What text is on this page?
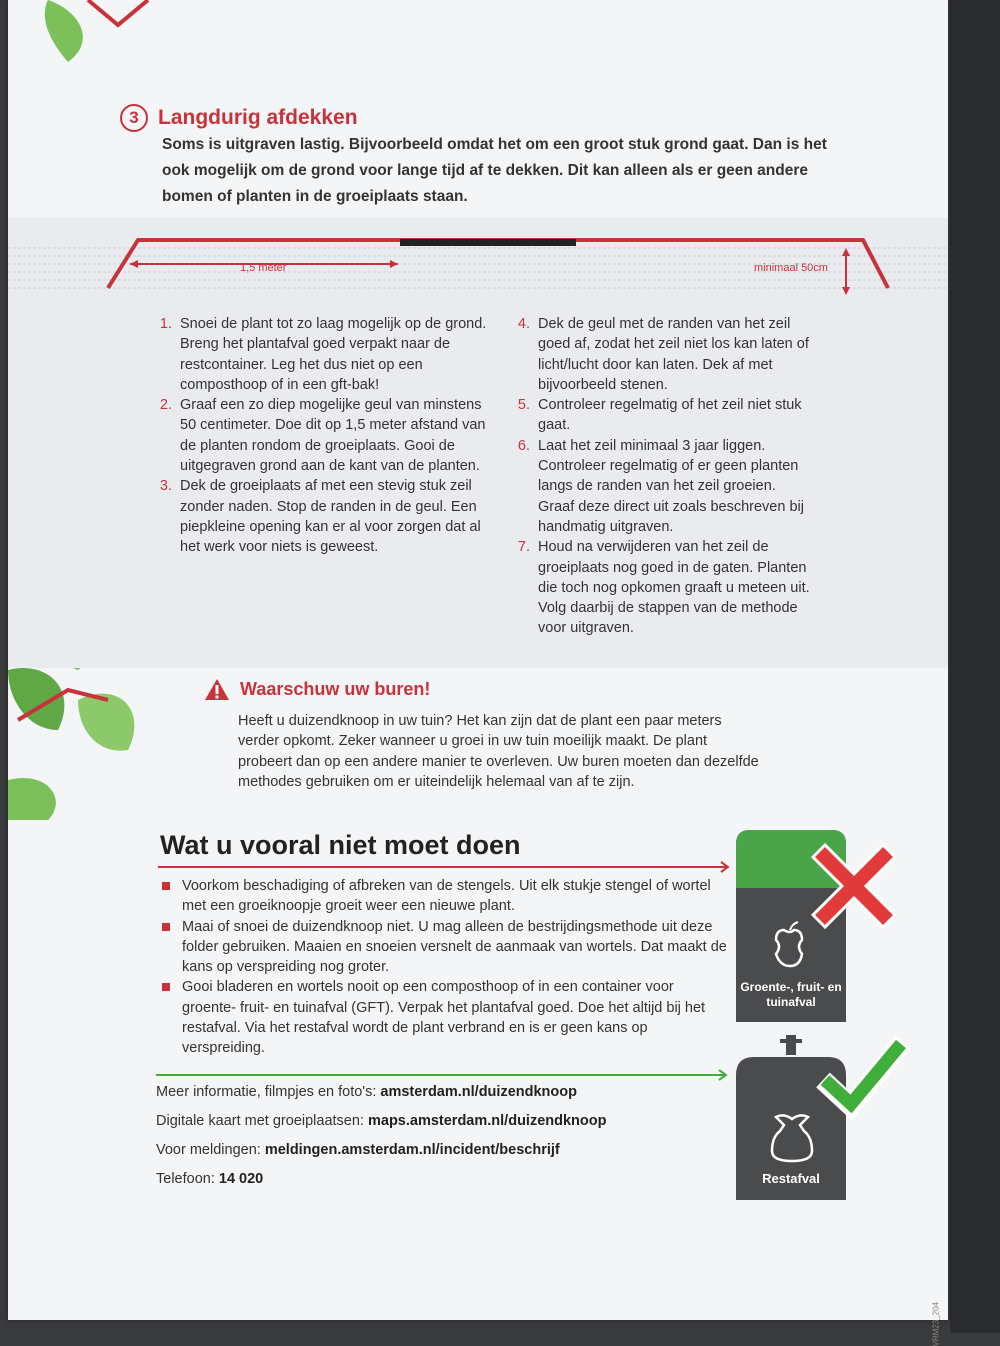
3 Langdurig afdekken
Soms is uitgraven lastig. Bijvoorbeeld omdat het om een groot stuk grond gaat. Dan is het ook mogelijk om de grond voor lange tijd af te dekken. Dit kan alleen als er geen andere bomen of planten in de groeiplaats staan.
1,5 meter	minimaal 50cm
1. Snoei de plant tot zo laag mogelijk op de grond. Breng het plantafval goed verpakt naar de restcontainer. Leg het dus niet op een composthoop of in een gft-bak!
2. Graaf een zo diep mogelijke geul van minstens 50 centimeter. Doe dit op 1,5 meter afstand van de planten rondom de groeiplaats. Gooi de uitgegraven grond aan de kant van de planten.
3. Dek de groeiplaats af met een stevig stuk zeil zonder naden. Stop de randen in de geul. Een piepkleine opening kan er al voor zorgen dat al het werk voor niets is geweest.
4. Dek de geul met de randen van het zeil goed af, zodat het zeil niet los kan laten of licht/lucht door kan laten. Dek af met bijvoorbeeld stenen.
5. Controleer regelmatig of het zeil niet stuk gaat.
6. Laat het zeil minimaal 3 jaar liggen. Controleer regelmatig of er geen planten langs de randen van het zeil groeien. Graaf deze direct uit zoals beschreven bij handmatig uitgraven.
7. Houd na verwijderen van het zeil de groeiplaats nog goed in de gaten. Planten die toch nog opkomen graaft u meteen uit. Volg daarbij de stappen van de methode voor uitgraven.
Waarschuw uw buren!
Heeft u duizendknoop in uw tuin? Het kan zijn dat de plant een paar meters verder opkomt. Zeker wanneer u groei in uw tuin moeilijk maakt. De plant probeert dan op een andere manier te overleven. Uw buren moeten dan dezelfde methodes gebruiken om er uiteindelijk helemaal van af te zijn.
Wat u vooral niet moet doen
Voorkom beschadiging of afbreken van de stengels. Uit elk stukje stengel of wortel met een groeiknoopje groeit weer een nieuwe plant.
Maai of snoei de duizendknoop niet. U mag alleen de bestrijdingsmethode uit deze folder gebruiken. Maaien en snoeien versnelt de aanmaak van wortels. Dat maakt de kans op verspreiding nog groter.
Gooi bladeren en wortels nooit op een composthoop of in een container voor groente- fruit- en tuinafval (GFT). Verpak het plantafval goed. Doe het altijd bij het restafval. Via het restafval wordt de plant verbrand en is er geen kans op verspreiding.
Meer informatie, filmpjes en foto's: amsterdam.nl/duizendknoop
Digitale kaart met groeiplaatsen: maps.amsterdam.nl/duizendknoop
Voor meldingen: meldingen.amsterdam.nl/incident/beschrijf
Telefoon: 14 020
Groente-, fruit- en tuinafval
Restafval
VRM23_204
